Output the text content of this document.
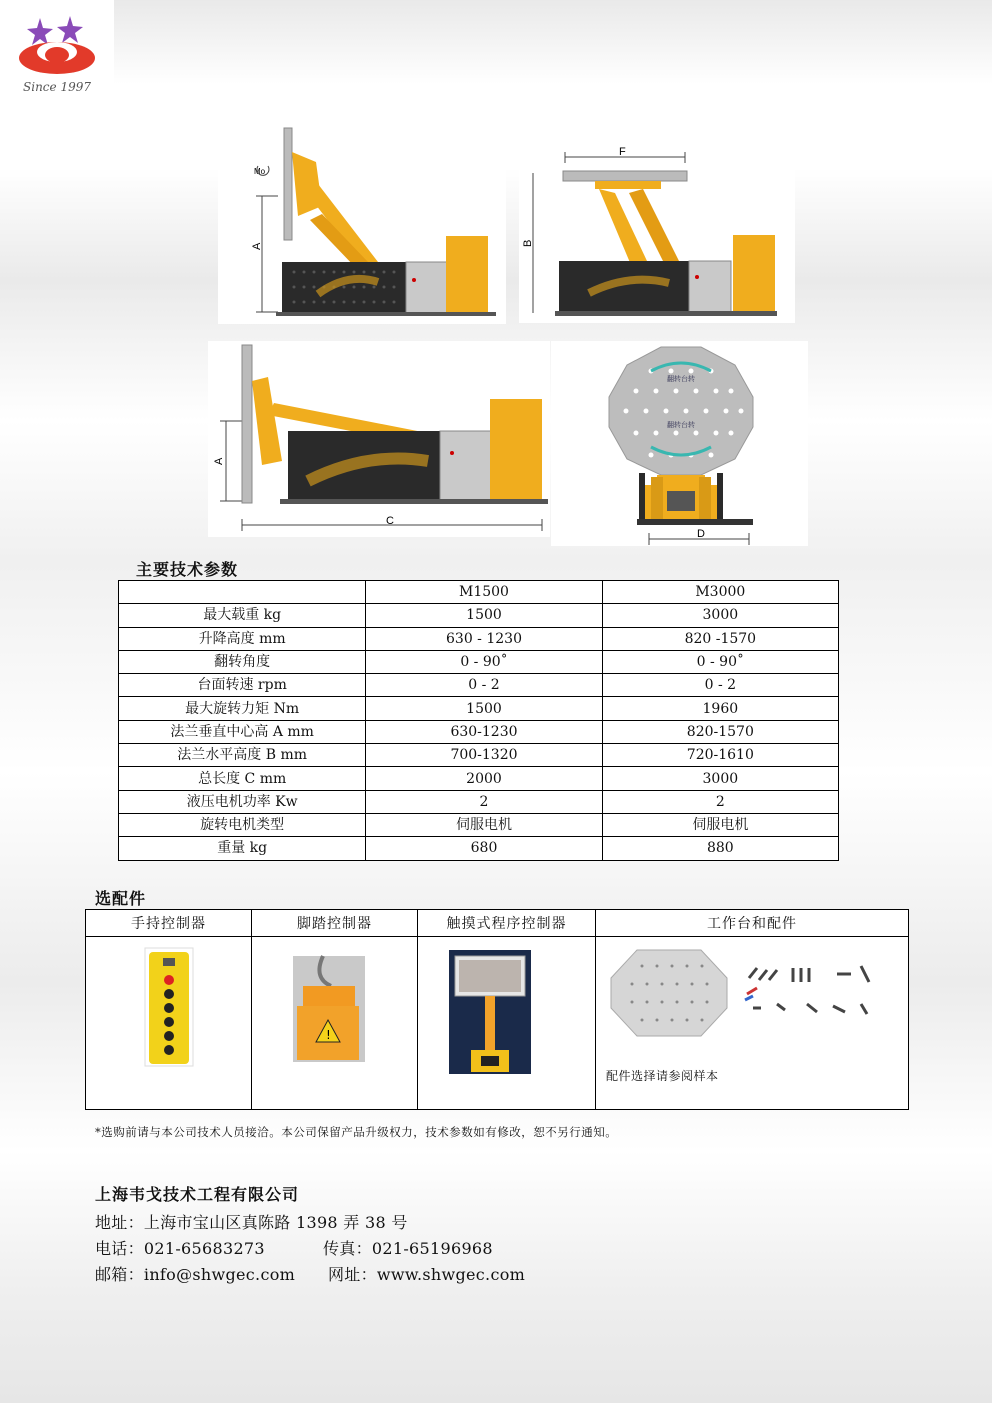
Since 1997
A
Mo
F
B
A
C
翻转台转
翻转台转
D
主要技术参数
	M1500	M3000
最大载重 kg	1500	3000
升降高度 mm	630 - 1230	820 -1570
翻转角度	0 - 90˚	0 - 90˚
台面转速 rpm	0 - 2	0 - 2
最大旋转力矩 Nm	1500	1960
法兰垂直中心高 A mm	630-1230	820-1570
法兰水平高度 B mm	700-1320	720-1610
总长度 C mm	2000	3000
液压电机功率 Kw	2	2
旋转电机类型	伺服电机	伺服电机
重量 kg	680	880
选配件
手持控制器	脚踏控制器	触摸式程序控制器	工作台和配件

!		配件选择请参阅样本
*选购前请与本公司技术人员接洽。本公司保留产品升级权力，技术参数如有修改，恕不另行通知。
上海韦戈技术工程有限公司
地址：上海市宝山区真陈路 1398 弄 38 号
电话：021-65683273	传真：021-65196968
邮箱：info@shwgec.com 网址：www.shwgec.com
